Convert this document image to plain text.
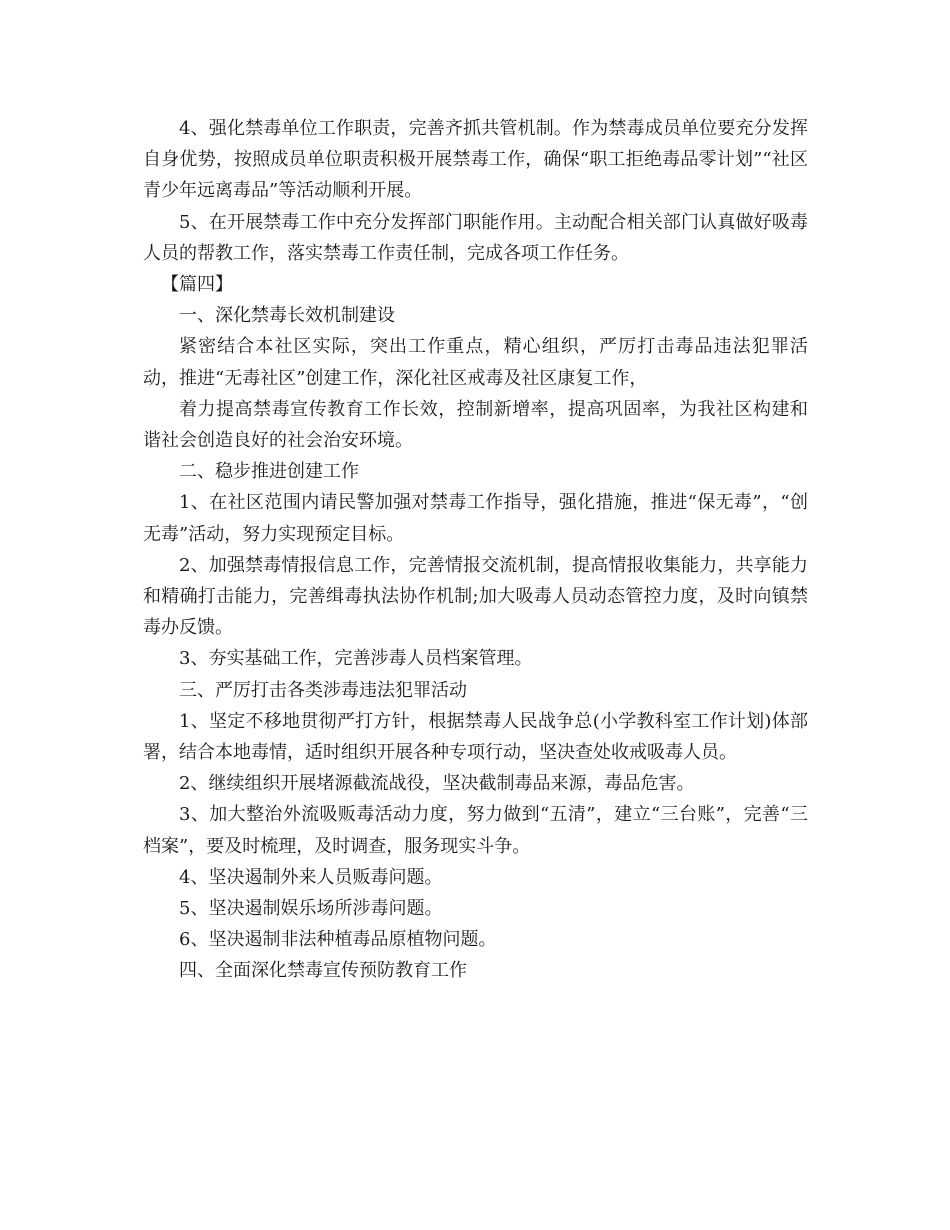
4、强化禁毒单位工作职责，完善齐抓共管机制。作为禁毒成员单位要充分发挥自身优势，按照成员单位职责积极开展禁毒工作，确保“职工拒绝毒品零计划”“社区青少年远离毒品”等活动顺利开展。

5、在开展禁毒工作中充分发挥部门职能作用。主动配合相关部门认真做好吸毒人员的帮教工作，落实禁毒工作责任制，完成各项工作任务。

【篇四】

一、深化禁毒长效机制建设

紧密结合本社区实际，突出工作重点，精心组织，严厉打击毒品违法犯罪活动，推进“无毒社区”创建工作，深化社区戒毒及社区康复工作，

着力提高禁毒宣传教育工作长效，控制新增率，提高巩固率，为我社区构建和谐社会创造良好的社会治安环境。

二、稳步推进创建工作

1、在社区范围内请民警加强对禁毒工作指导，强化措施，推进“保无毒”，“创无毒”活动，努力实现预定目标。

2、加强禁毒情报信息工作，完善情报交流机制，提高情报收集能力，共享能力和精确打击能力，完善缉毒执法协作机制;加大吸毒人员动态管控力度，及时向镇禁毒办反馈。

3、夯实基础工作，完善涉毒人员档案管理。

三、严厉打击各类涉毒违法犯罪活动

1、坚定不移地贯彻严打方针，根据禁毒人民战争总(小学教科室工作计划)体部署，结合本地毒情，适时组织开展各种专项行动，坚决查处收戒吸毒人员。

2、继续组织开展堵源截流战役，坚决截制毒品来源，毒品危害。

3、加大整治外流吸贩毒活动力度，努力做到“五清”，建立“三台账”，完善“三档案”，要及时梳理，及时调查，服务现实斗争。

4、坚决遏制外来人员贩毒问题。

5、坚决遏制娱乐场所涉毒问题。

6、坚决遏制非法种植毒品原植物问题。

四、全面深化禁毒宣传预防教育工作
